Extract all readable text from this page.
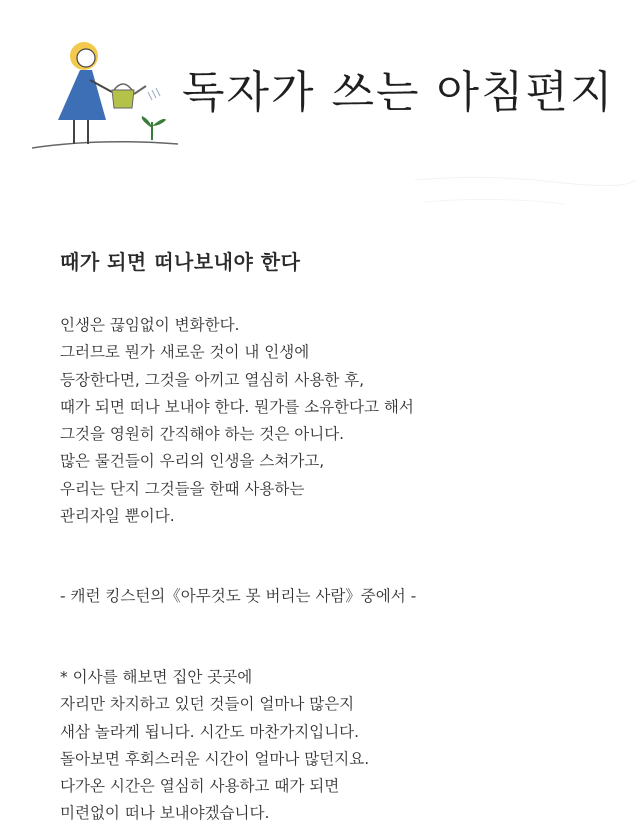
독자가 쓰는 아침편지
때가 되면 떠나보내야 한다
인생은 끊임없이 변화한다.
그러므로 뭔가 새로운 것이 내 인생에
등장한다면, 그것을 아끼고 열심히 사용한 후,
때가 되면 떠나 보내야 한다. 뭔가를 소유한다고 해서
그것을 영원히 간직해야 하는 것은 아니다.
많은 물건들이 우리의 인생을 스쳐가고,
우리는 단지 그것들을 한때 사용하는
관리자일 뿐이다.

- 캐런 킹스턴의《아무것도 못 버리는 사람》중에서 -

* 이사를 해보면 집안 곳곳에
자리만 차지하고 있던 것들이 얼마나 많은지
새삼 놀라게 됩니다. 시간도 마찬가지입니다.
돌아보면 후회스러운 시간이 얼마나 많던지요.
다가온 시간은 열심히 사용하고 때가 되면
미련없이 떠나 보내야겠습니다.
